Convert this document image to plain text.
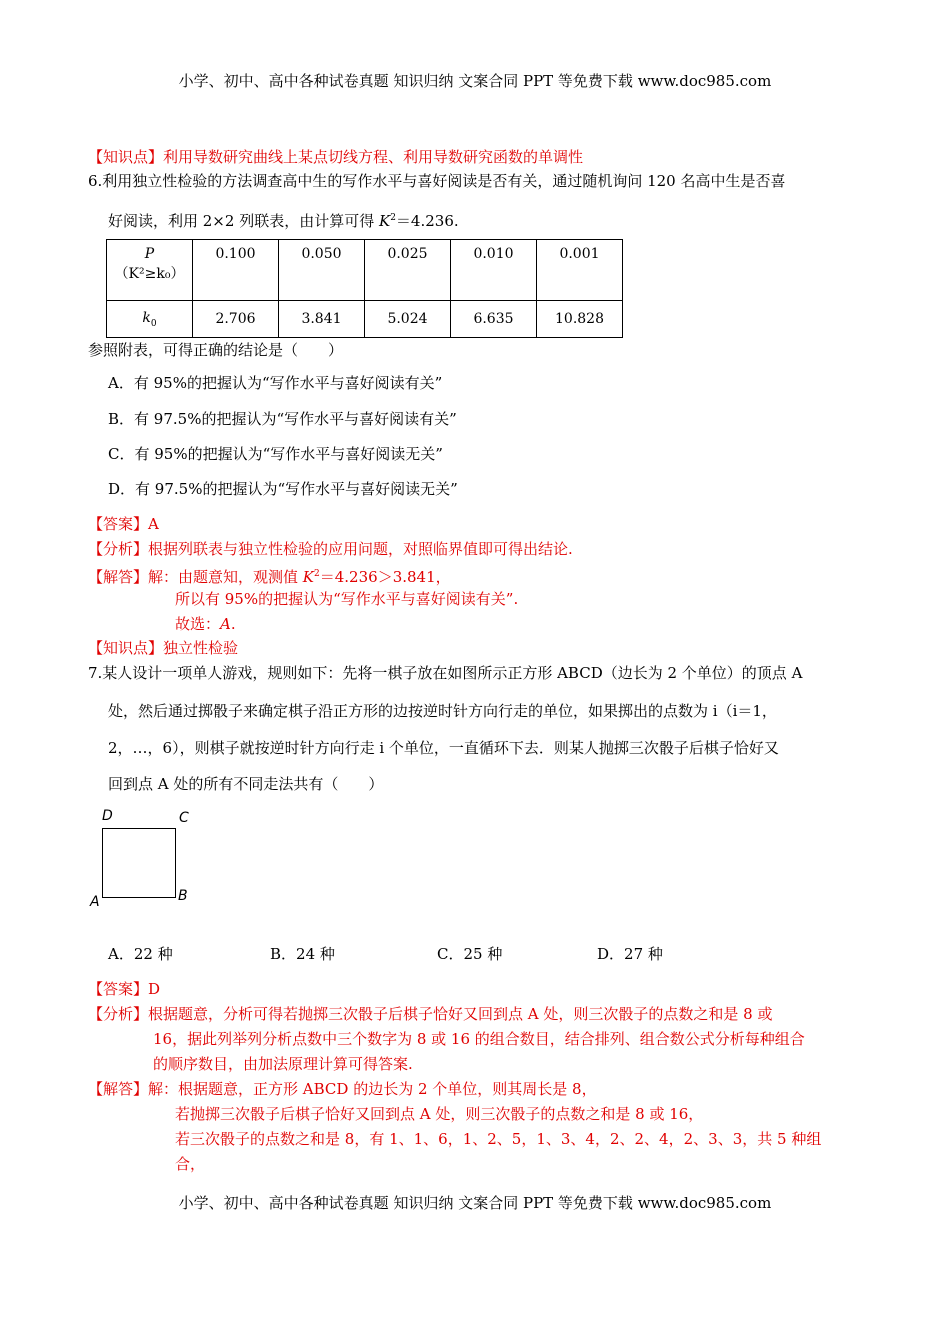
小学、初中、高中各种试卷真题 知识归纳 文案合同 PPT 等免费下载 www.doc985.com
【知识点】利用导数研究曲线上某点切线方程、利用导数研究函数的单调性
6.利用独立性检验的方法调查高中生的写作水平与喜好阅读是否有关，通过随机询问 120 名高中生是否喜
好阅读，利用 2×2 列联表，由计算可得 $K^2=4.236$.
P
（K²≥k₀）	0.100	0.050	0.025	0.010	0.001
$k_0$	2.706	3.841	5.024	6.635	10.828
参照附表，可得正确的结论是（　　）
A．有 95%的把握认为“写作水平与喜好阅读有关”
B．有 97.5%的把握认为“写作水平与喜好阅读有关”
C．有 95%的把握认为“写作水平与喜好阅读无关”
D．有 97.5%的把握认为“写作水平与喜好阅读无关”
【答案】A
【分析】根据列联表与独立性检验的应用问题，对照临界值即可得出结论.
【解答】解：由题意知，观测值 $K^2=4.236>3.841$，
所以有 95%的把握认为“写作水平与喜好阅读有关”.
故选：A.
【知识点】独立性检验
7.某人设计一项单人游戏，规则如下：先将一棋子放在如图所示正方形 ABCD（边长为 2 个单位）的顶点 A
处，然后通过掷骰子来确定棋子沿正方形的边按逆时针方向行走的单位，如果掷出的点数为 i（i＝1，
2，…，6），则棋子就按逆时针方向行走 i 个单位，一直循环下去．则某人抛掷三次骰子后棋子恰好又
回到点 A 处的所有不同走法共有（　　）
D	C
A	B
A．22 种	B．24 种	C．25 种	D．27 种
【答案】D
【分析】根据题意，分析可得若抛掷三次骰子后棋子恰好又回到点 A 处，则三次骰子的点数之和是 8 或
16，据此列举列分析点数中三个数字为 8 或 16 的组合数目，结合排列、组合数公式分析每种组合
的顺序数目，由加法原理计算可得答案.
【解答】解：根据题意，正方形 ABCD 的边长为 2 个单位，则其周长是 8，
若抛掷三次骰子后棋子恰好又回到点 A 处，则三次骰子的点数之和是 8 或 16，
若三次骰子的点数之和是 8，有 1、1、6，1、2、5，1、3、4，2、2、4，2、3、3，共 5 种组
合，
小学、初中、高中各种试卷真题 知识归纳 文案合同 PPT 等免费下载 www.doc985.com
